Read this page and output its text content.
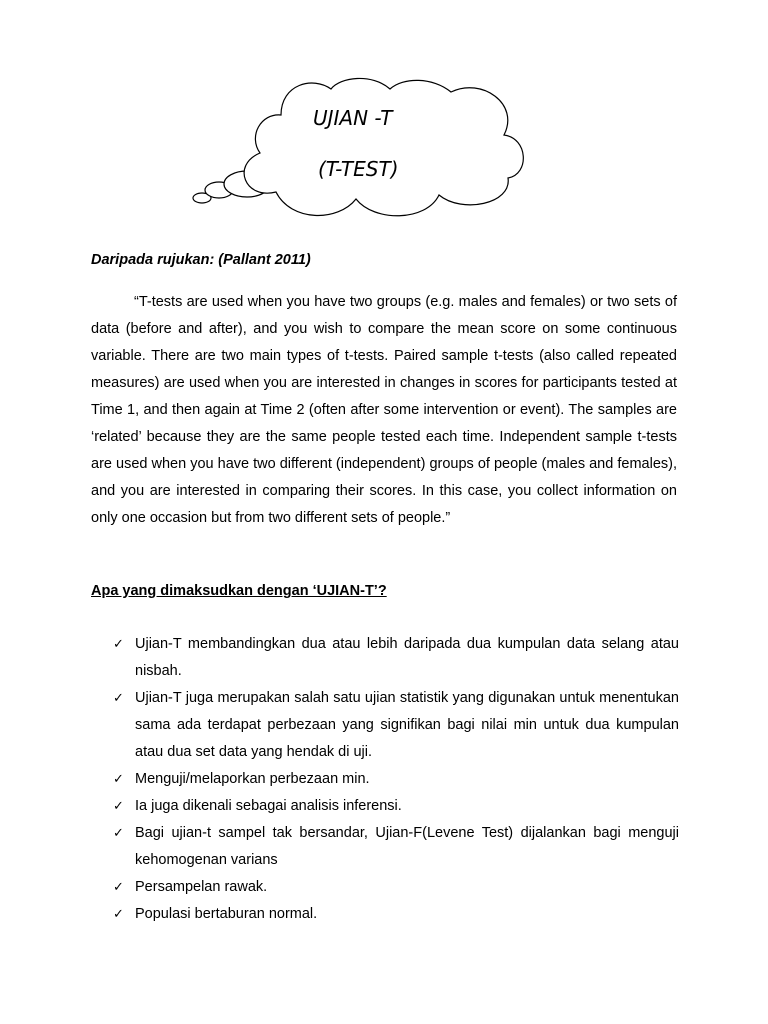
UJIAN -T
(T-TEST)
Daripada rujukan: (Pallant 2011)

“T-tests are used when you have two groups (e.g. males and females) or two sets of data (before and after), and you wish to compare the mean score on some continuous variable. There are two main types of t-tests. Paired sample t-tests (also called repeated measures) are used when you are interested in changes in scores for participants tested at Time 1, and then again at Time 2 (often after some intervention or event). The samples are ‘related’ because they are the same people tested each time. Independent sample t-tests are used when you have two different (independent) groups of people (males and females), and you are interested in comparing their scores. In this case, you collect information on only one occasion but from two different sets of people.”

Apa yang dimaksudkan dengan ‘UJIAN-T’?
✓ Ujian-T membandingkan dua atau lebih daripada dua kumpulan data selang atau nisbah.
✓ Ujian-T juga merupakan salah satu ujian statistik yang digunakan untuk menentukan sama ada terdapat perbezaan yang signifikan bagi nilai min untuk dua kumpulan atau dua set data yang hendak di uji.
✓ Menguji/melaporkan perbezaan min.
✓ Ia juga dikenali sebagai analisis inferensi.
✓ Bagi ujian-t sampel tak bersandar, Ujian-F(Levene Test) dijalankan bagi menguji kehomogenan varians
✓ Persampelan rawak.
✓ Populasi bertaburan normal.
